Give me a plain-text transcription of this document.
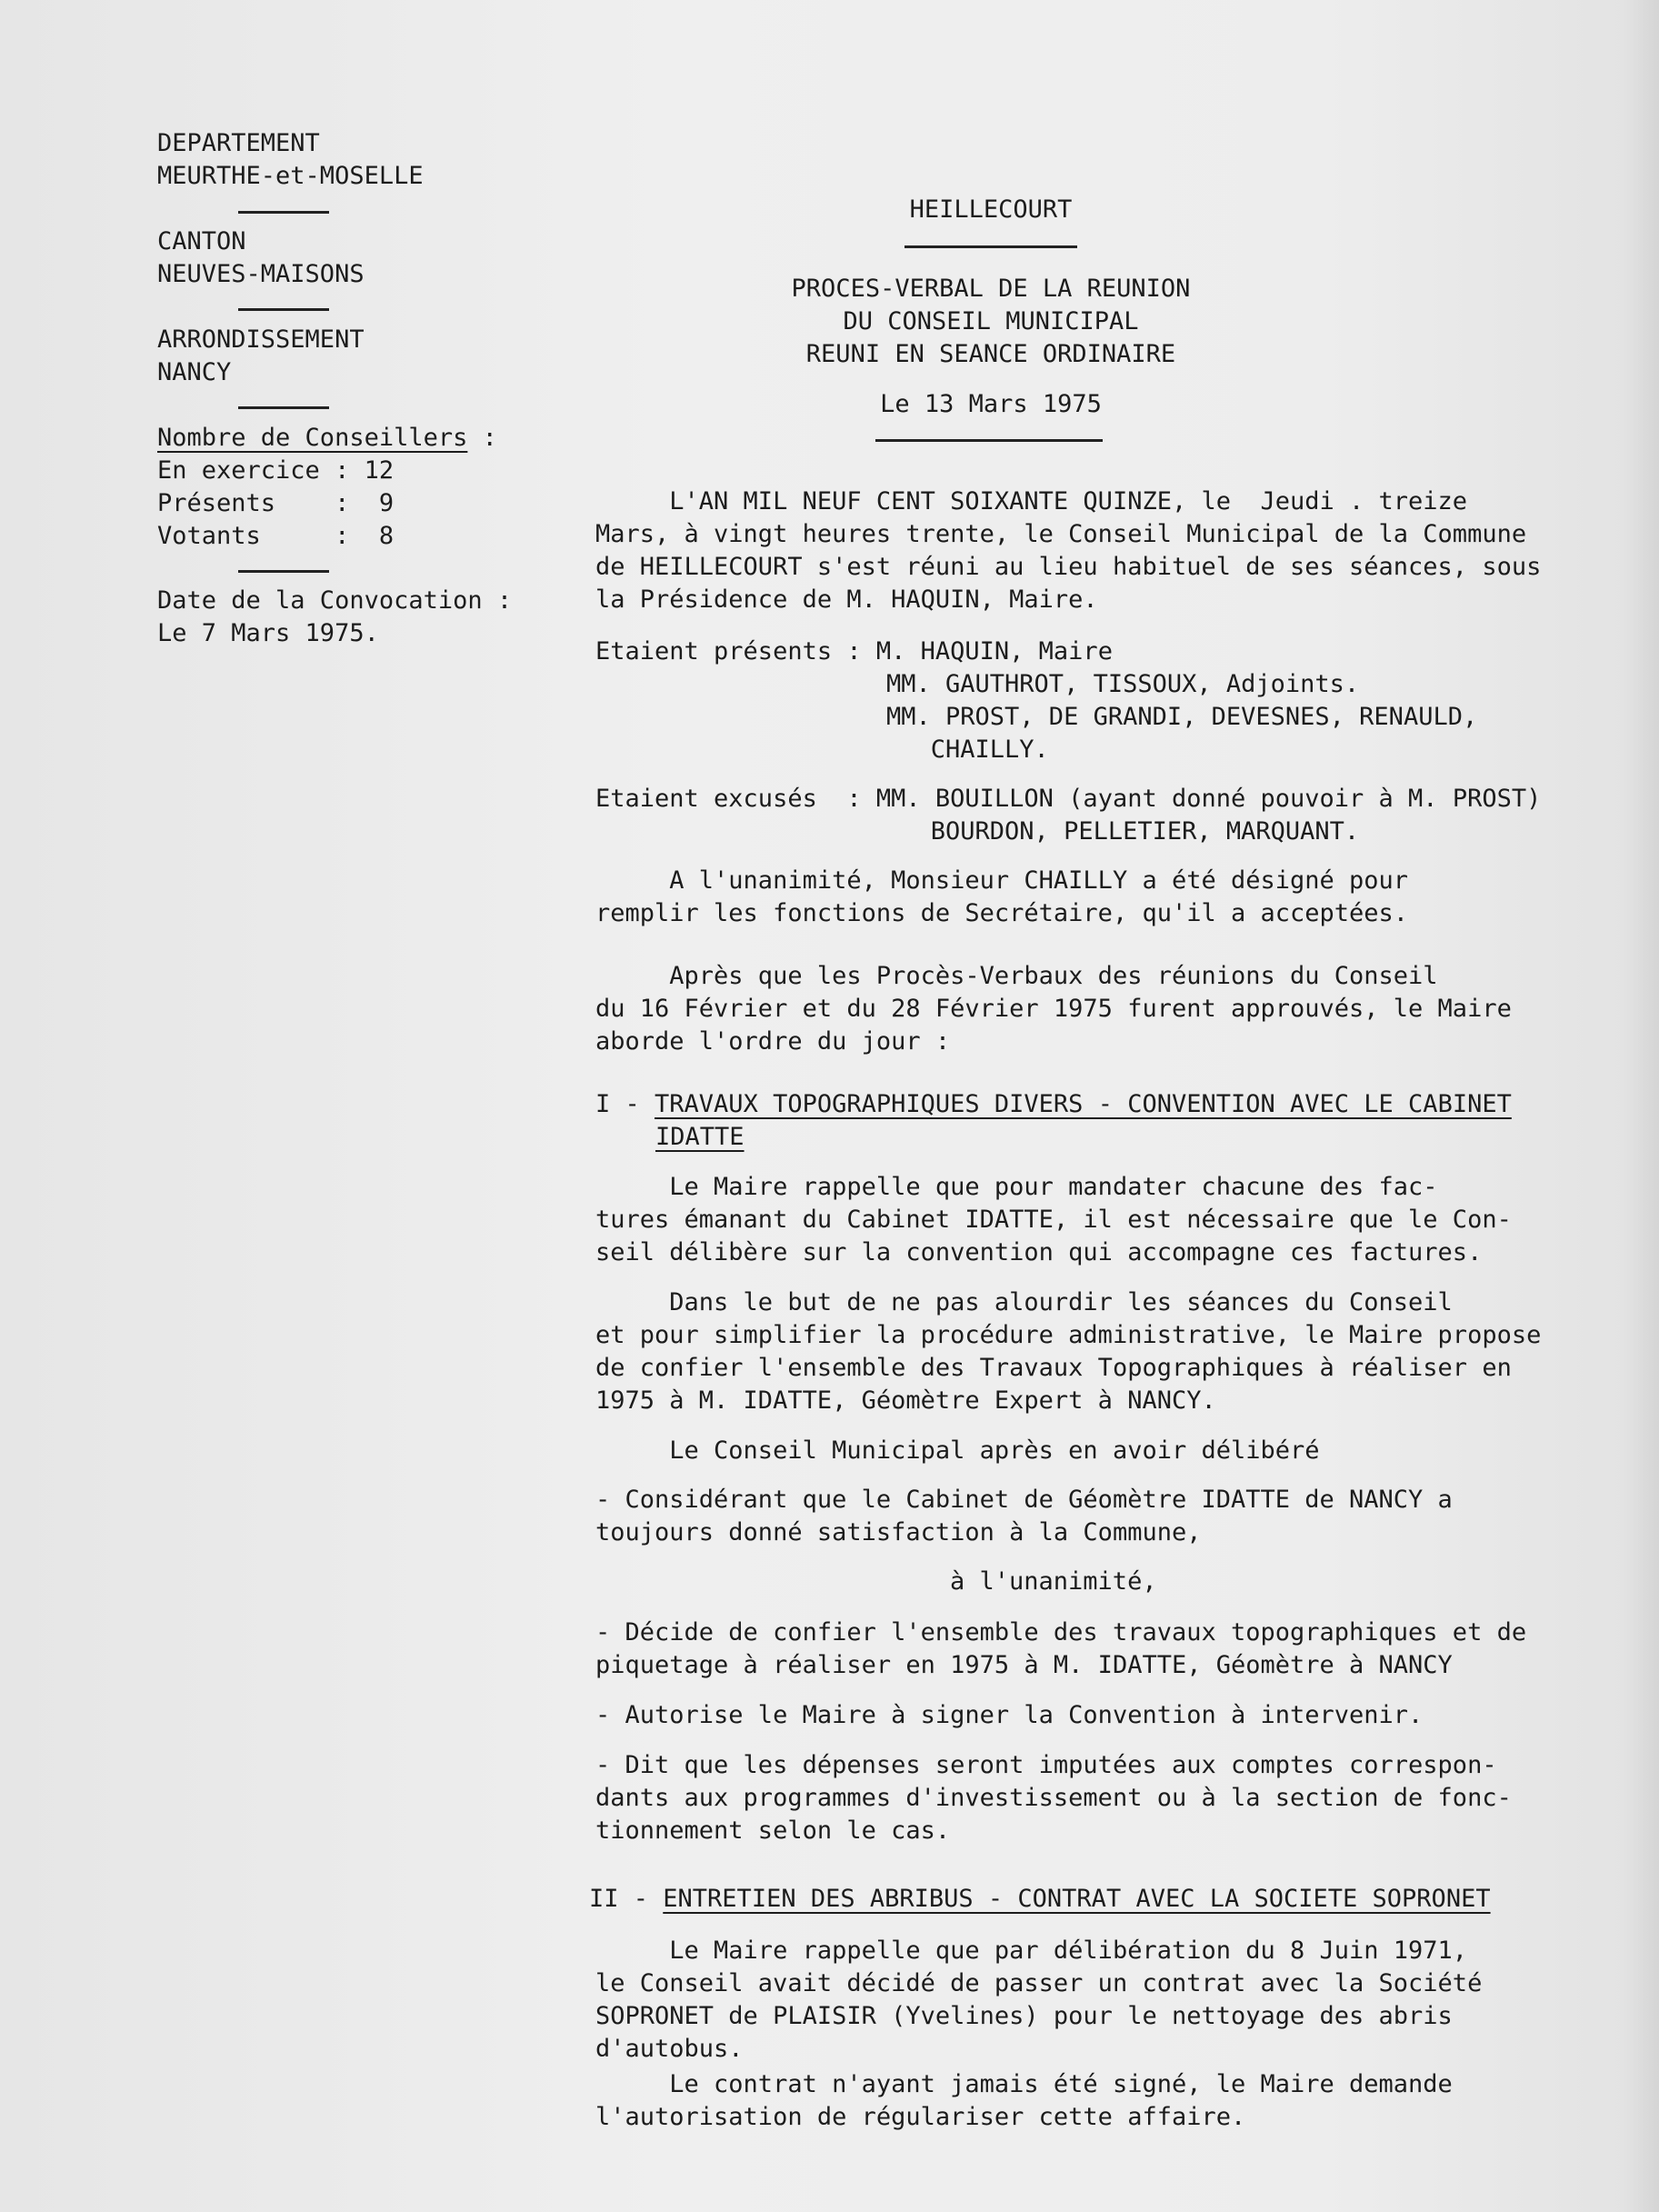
DEPARTEMENT
MEURTHE-et-MOSELLE
CANTON
NEUVES-MAISONS
ARRONDISSEMENT
NANCY
Nombre de Conseillers :
En exercice : 12
Présents    :  9
Votants     :  8
Date de la Convocation :
Le 7 Mars 1975.
HEILLECOURT
PROCES-VERBAL DE LA REUNION
DU CONSEIL MUNICIPAL
REUNI EN SEANCE ORDINAIRE
Le 13 Mars 1975
L'AN MIL NEUF CENT SOIXANTE QUINZE, le  Jeudi . treize
Mars, à vingt heures trente, le Conseil Municipal de la Commune
de HEILLECOURT s'est réuni au lieu habituel de ses séances, sous
la Présidence de M. HAQUIN, Maire.
Etaient présents : M. HAQUIN, Maire
MM. GAUTHROT, TISSOUX, Adjoints.
MM. PROST, DE GRANDI, DEVESNES, RENAULD,
CHAILLY.
Etaient excusés  : MM. BOUILLON (ayant donné pouvoir à M. PROST)
BOURDON, PELLETIER, MARQUANT.
A l'unanimité, Monsieur CHAILLY a été désigné pour
remplir les fonctions de Secrétaire, qu'il a acceptées.
Après que les Procès-Verbaux des réunions du Conseil
du 16 Février et du 28 Février 1975 furent approuvés, le Maire
aborde l'ordre du jour :
I - TRAVAUX TOPOGRAPHIQUES DIVERS - CONVENTION AVEC LE CABINET
IDATTE
Le Maire rappelle que pour mandater chacune des fac-
tures émanant du Cabinet IDATTE, il est nécessaire que le Con-
seil délibère sur la convention qui accompagne ces factures.
Dans le but de ne pas alourdir les séances du Conseil
et pour simplifier la procédure administrative, le Maire propose
de confier l'ensemble des Travaux Topographiques à réaliser en
1975 à M. IDATTE, Géomètre Expert à NANCY.
Le Conseil Municipal après en avoir délibéré
- Considérant que le Cabinet de Géomètre IDATTE de NANCY a
toujours donné satisfaction à la Commune,
à l'unanimité,
- Décide de confier l'ensemble des travaux topographiques et de
piquetage à réaliser en 1975 à M. IDATTE, Géomètre à NANCY
- Autorise le Maire à signer la Convention à intervenir.
- Dit que les dépenses seront imputées aux comptes correspon-
dants aux programmes d'investissement ou à la section de fonc-
tionnement selon le cas.
II - ENTRETIEN DES ABRIBUS - CONTRAT AVEC LA SOCIETE SOPRONET
Le Maire rappelle que par délibération du 8 Juin 1971,
le Conseil avait décidé de passer un contrat avec la Société
SOPRONET de PLAISIR (Yvelines) pour le nettoyage des abris
d'autobus.
Le contrat n'ayant jamais été signé, le Maire demande
l'autorisation de régulariser cette affaire.
